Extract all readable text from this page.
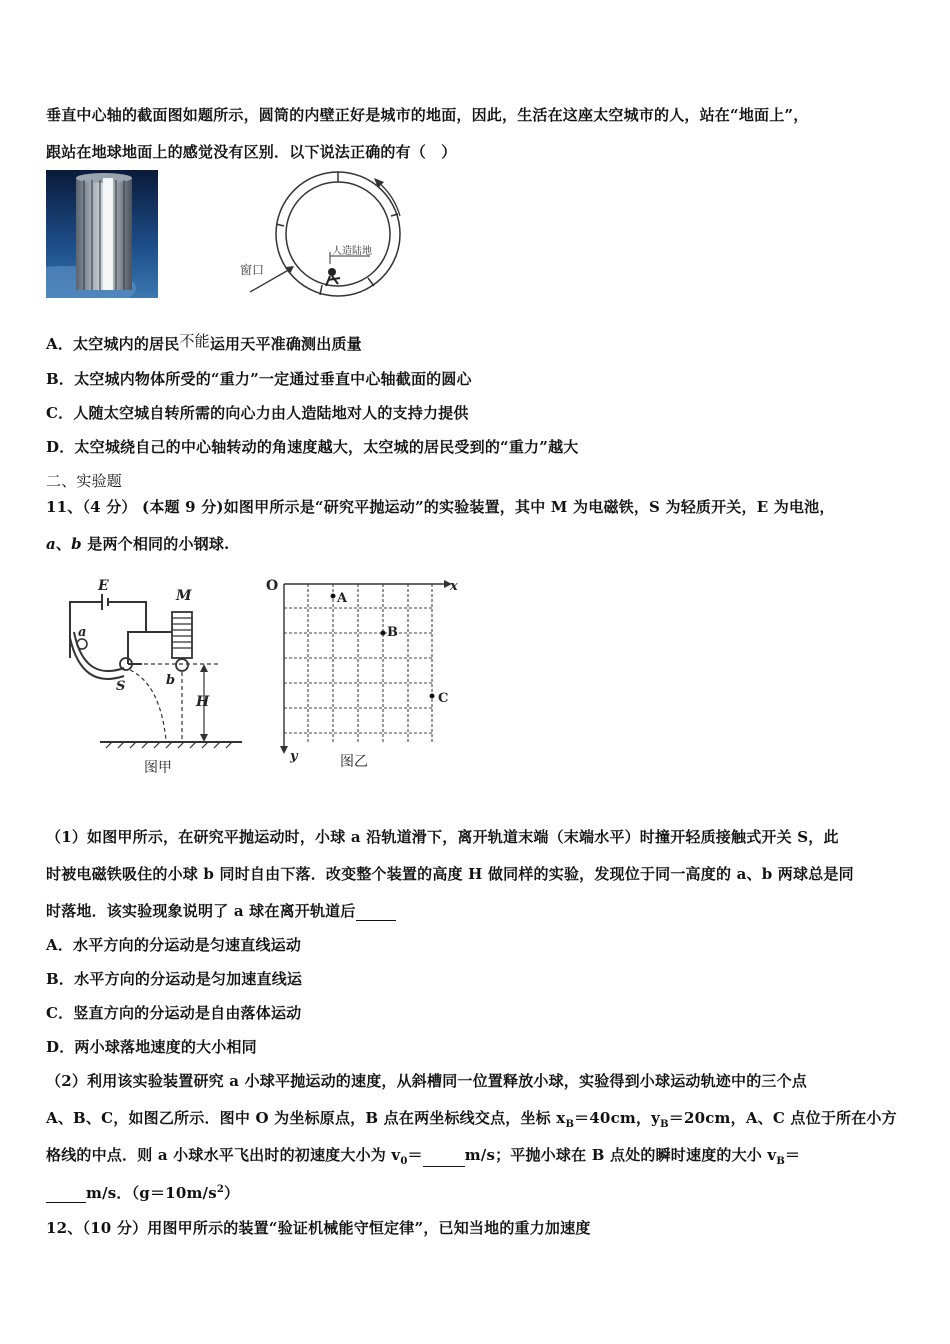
垂直中心轴的截面图如题所示，圆筒的内壁正好是城市的地面，因此，生活在这座太空城市的人，站在“地面上”，
跟站在地球地面上的感觉没有区别．以下说法正确的有（　）
窗口
人造陆地
A．太空城内的居民不能运用天平准确测出质量
B．太空城内物体所受的“重力”一定通过垂直中心轴截面的圆心
C．人随太空城自转所需的向心力由人造陆地对人的支持力提供
D．太空城绕自己的中心轴转动的角速度越大，太空城的居民受到的“重力”越大
二、实验题
11、（4 分） (本题 9 分)如图甲所示是“研究平抛运动”的实验装置，其中 M 为电磁铁，S 为轻质开关，E 为电池，
a、b 是两个相同的小钢球.
E
M
a
S	b
H
图甲
O	x
y
A
B
C
图乙
（1）如图甲所示，在研究平抛运动时，小球 a 沿轨道滑下，离开轨道末端（末端水平）时撞开轻质接触式开关 S，此
时被电磁铁吸住的小球 b 同时自由下落．改变整个装置的高度 H 做同样的实验，发现位于同一高度的 a、b 两球总是同
时落地．该实验现象说明了 a 球在离开轨道后
A．水平方向的分运动是匀速直线运动
B．水平方向的分运动是匀加速直线运
C．竖直方向的分运动是自由落体运动
D．两小球落地速度的大小相同
（2）利用该实验装置研究 a 小球平抛运动的速度，从斜槽同一位置释放小球，实验得到小球运动轨迹中的三个点
A、B、C，如图乙所示．图中 O 为坐标原点，B 点在两坐标线交点，坐标 $x_B=40cm$，$y_B=20cm$，A、C 点位于所在小方
格线的中点．则 a 小球水平飞出时的初速度大小为 $v_0=$	m/s；平抛小球在 B 点处的瞬时速度的大小 $v_B=$
m/s．$(g=10m/s^2)$
12、（10 分）用图甲所示的装置“验证机械能守恒定律”，已知当地的重力加速度
